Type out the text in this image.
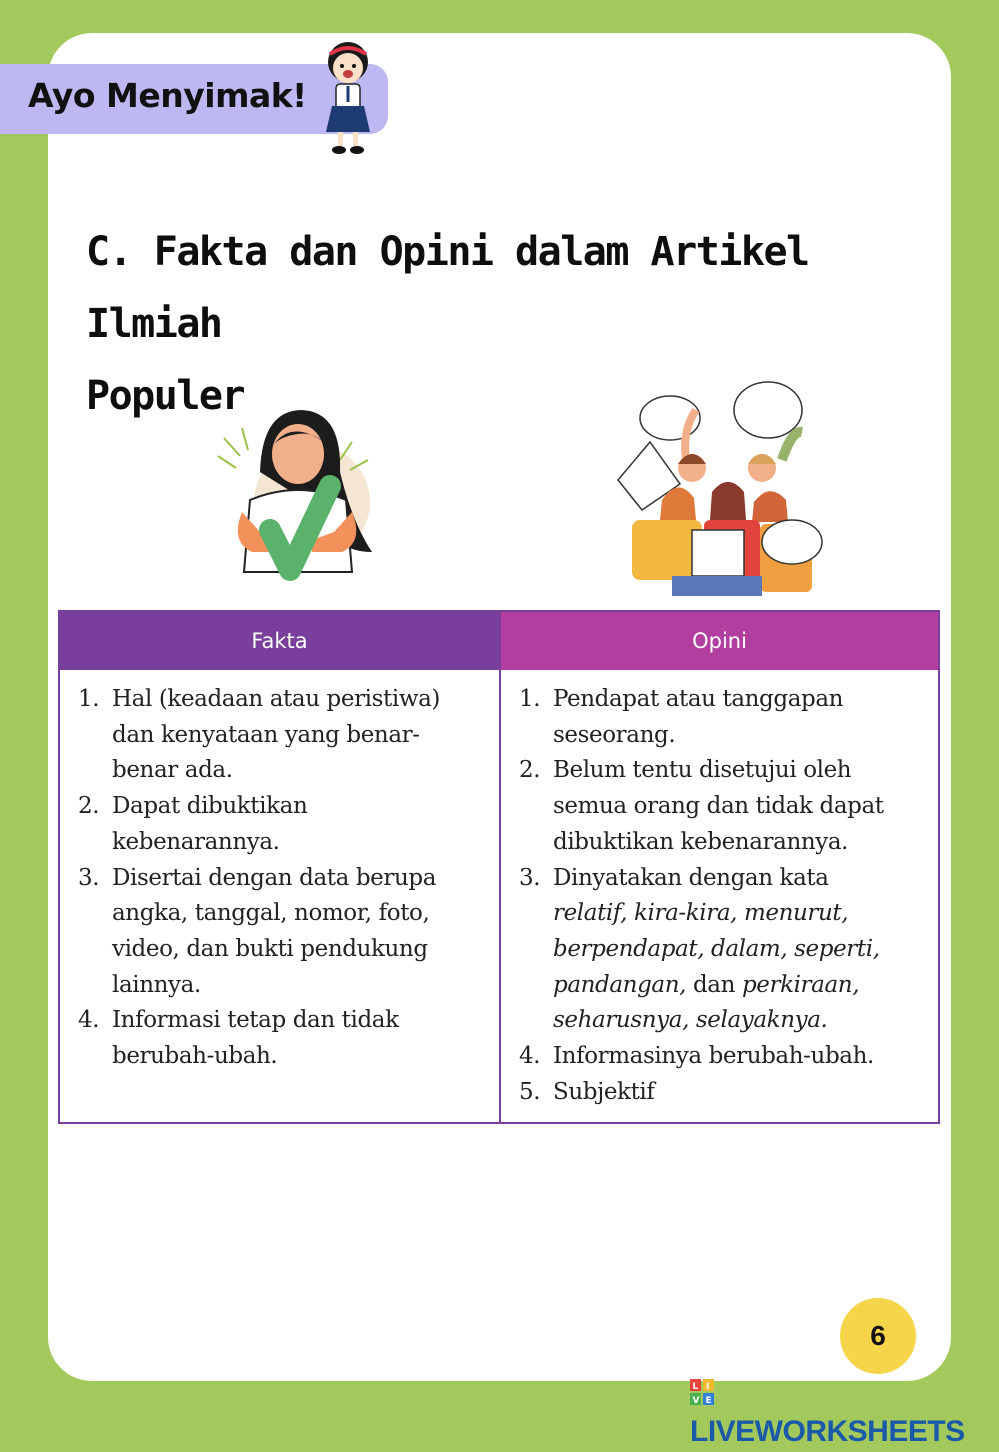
Ayo Menyimak!
C. Fakta dan Opini dalam Artikel Ilmiah
Populer
Fakta
1. Hal (keadaan atau peristiwa)
dan kenyataan yang benar-
benar ada.
2. Dapat dibuktikan
kebenarannya.
3. Disertai dengan data berupa
angka, tanggal, nomor, foto,
video, dan bukti pendukung
lainnya.
4. Informasi tetap dan tidak
berubah-ubah.
Opini
1. Pendapat atau tanggapan
seseorang.
2. Belum tentu disetujui oleh
semua orang dan tidak dapat
dibuktikan kebenarannya.
3. Dinyatakan dengan kata
relatif, kira-kira, menurut,
berpendapat, dalam, seperti,
pandangan, dan perkiraan,
seharusnya, selayaknya.
4. Informasinya berubah-ubah.
5. Subjektif
6
L I
V E
LIVEWORKSHEETS
